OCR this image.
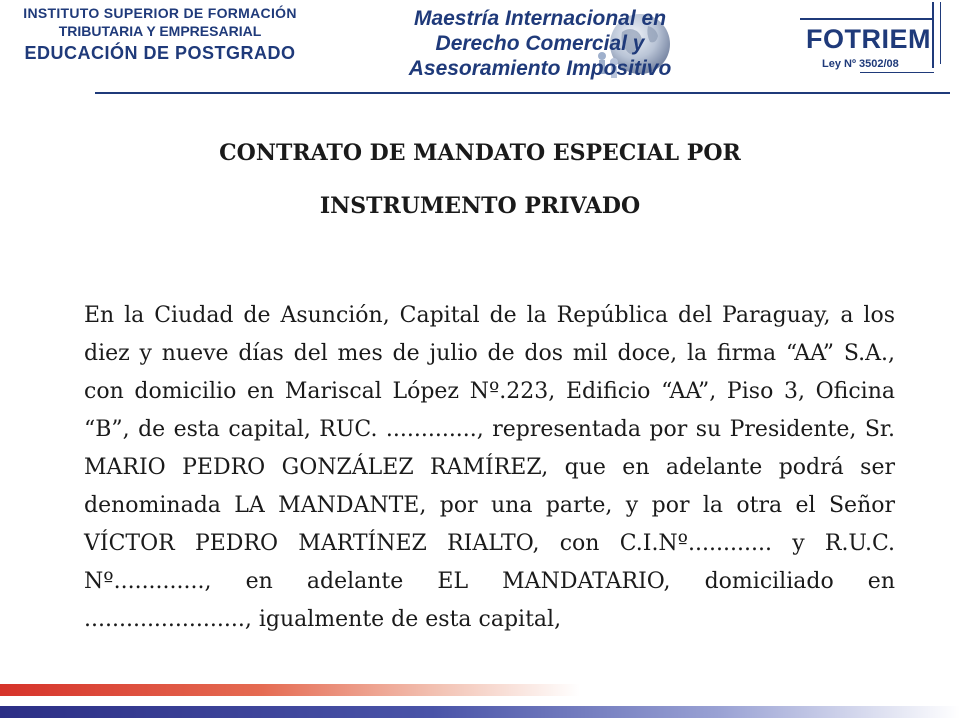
INSTITUTO SUPERIOR DE FORMACIÓN
TRIBUTARIA Y EMPRESARIAL
EDUCACIÓN DE POSTGRADO
Maestría Internacional en
Derecho Comercial y
Asesoramiento Impositivo
FOTRIEM
Ley Nº 3502/08
CONTRATO DE MANDATO ESPECIAL POR
INSTRUMENTO PRIVADO
En la Ciudad de Asunción, Capital de la República del Paraguay, a los diez y nueve días del mes de julio de dos mil doce, la firma “AA” S.A., con domicilio en Mariscal López Nº.223, Edificio “AA”, Piso 3, Oficina “B”, de esta capital, RUC. ............., representada por su Presidente, Sr. MARIO PEDRO GONZÁLEZ RAMÍREZ, que en adelante podrá ser denominada LA MANDANTE, por una parte, y por la otra el Señor VÍCTOR PEDRO MARTÍNEZ RIALTO, con C.I.Nº............ y R.U.C. Nº............., en adelante EL MANDATARIO, domiciliado en ......................., igualmente de esta capital,
